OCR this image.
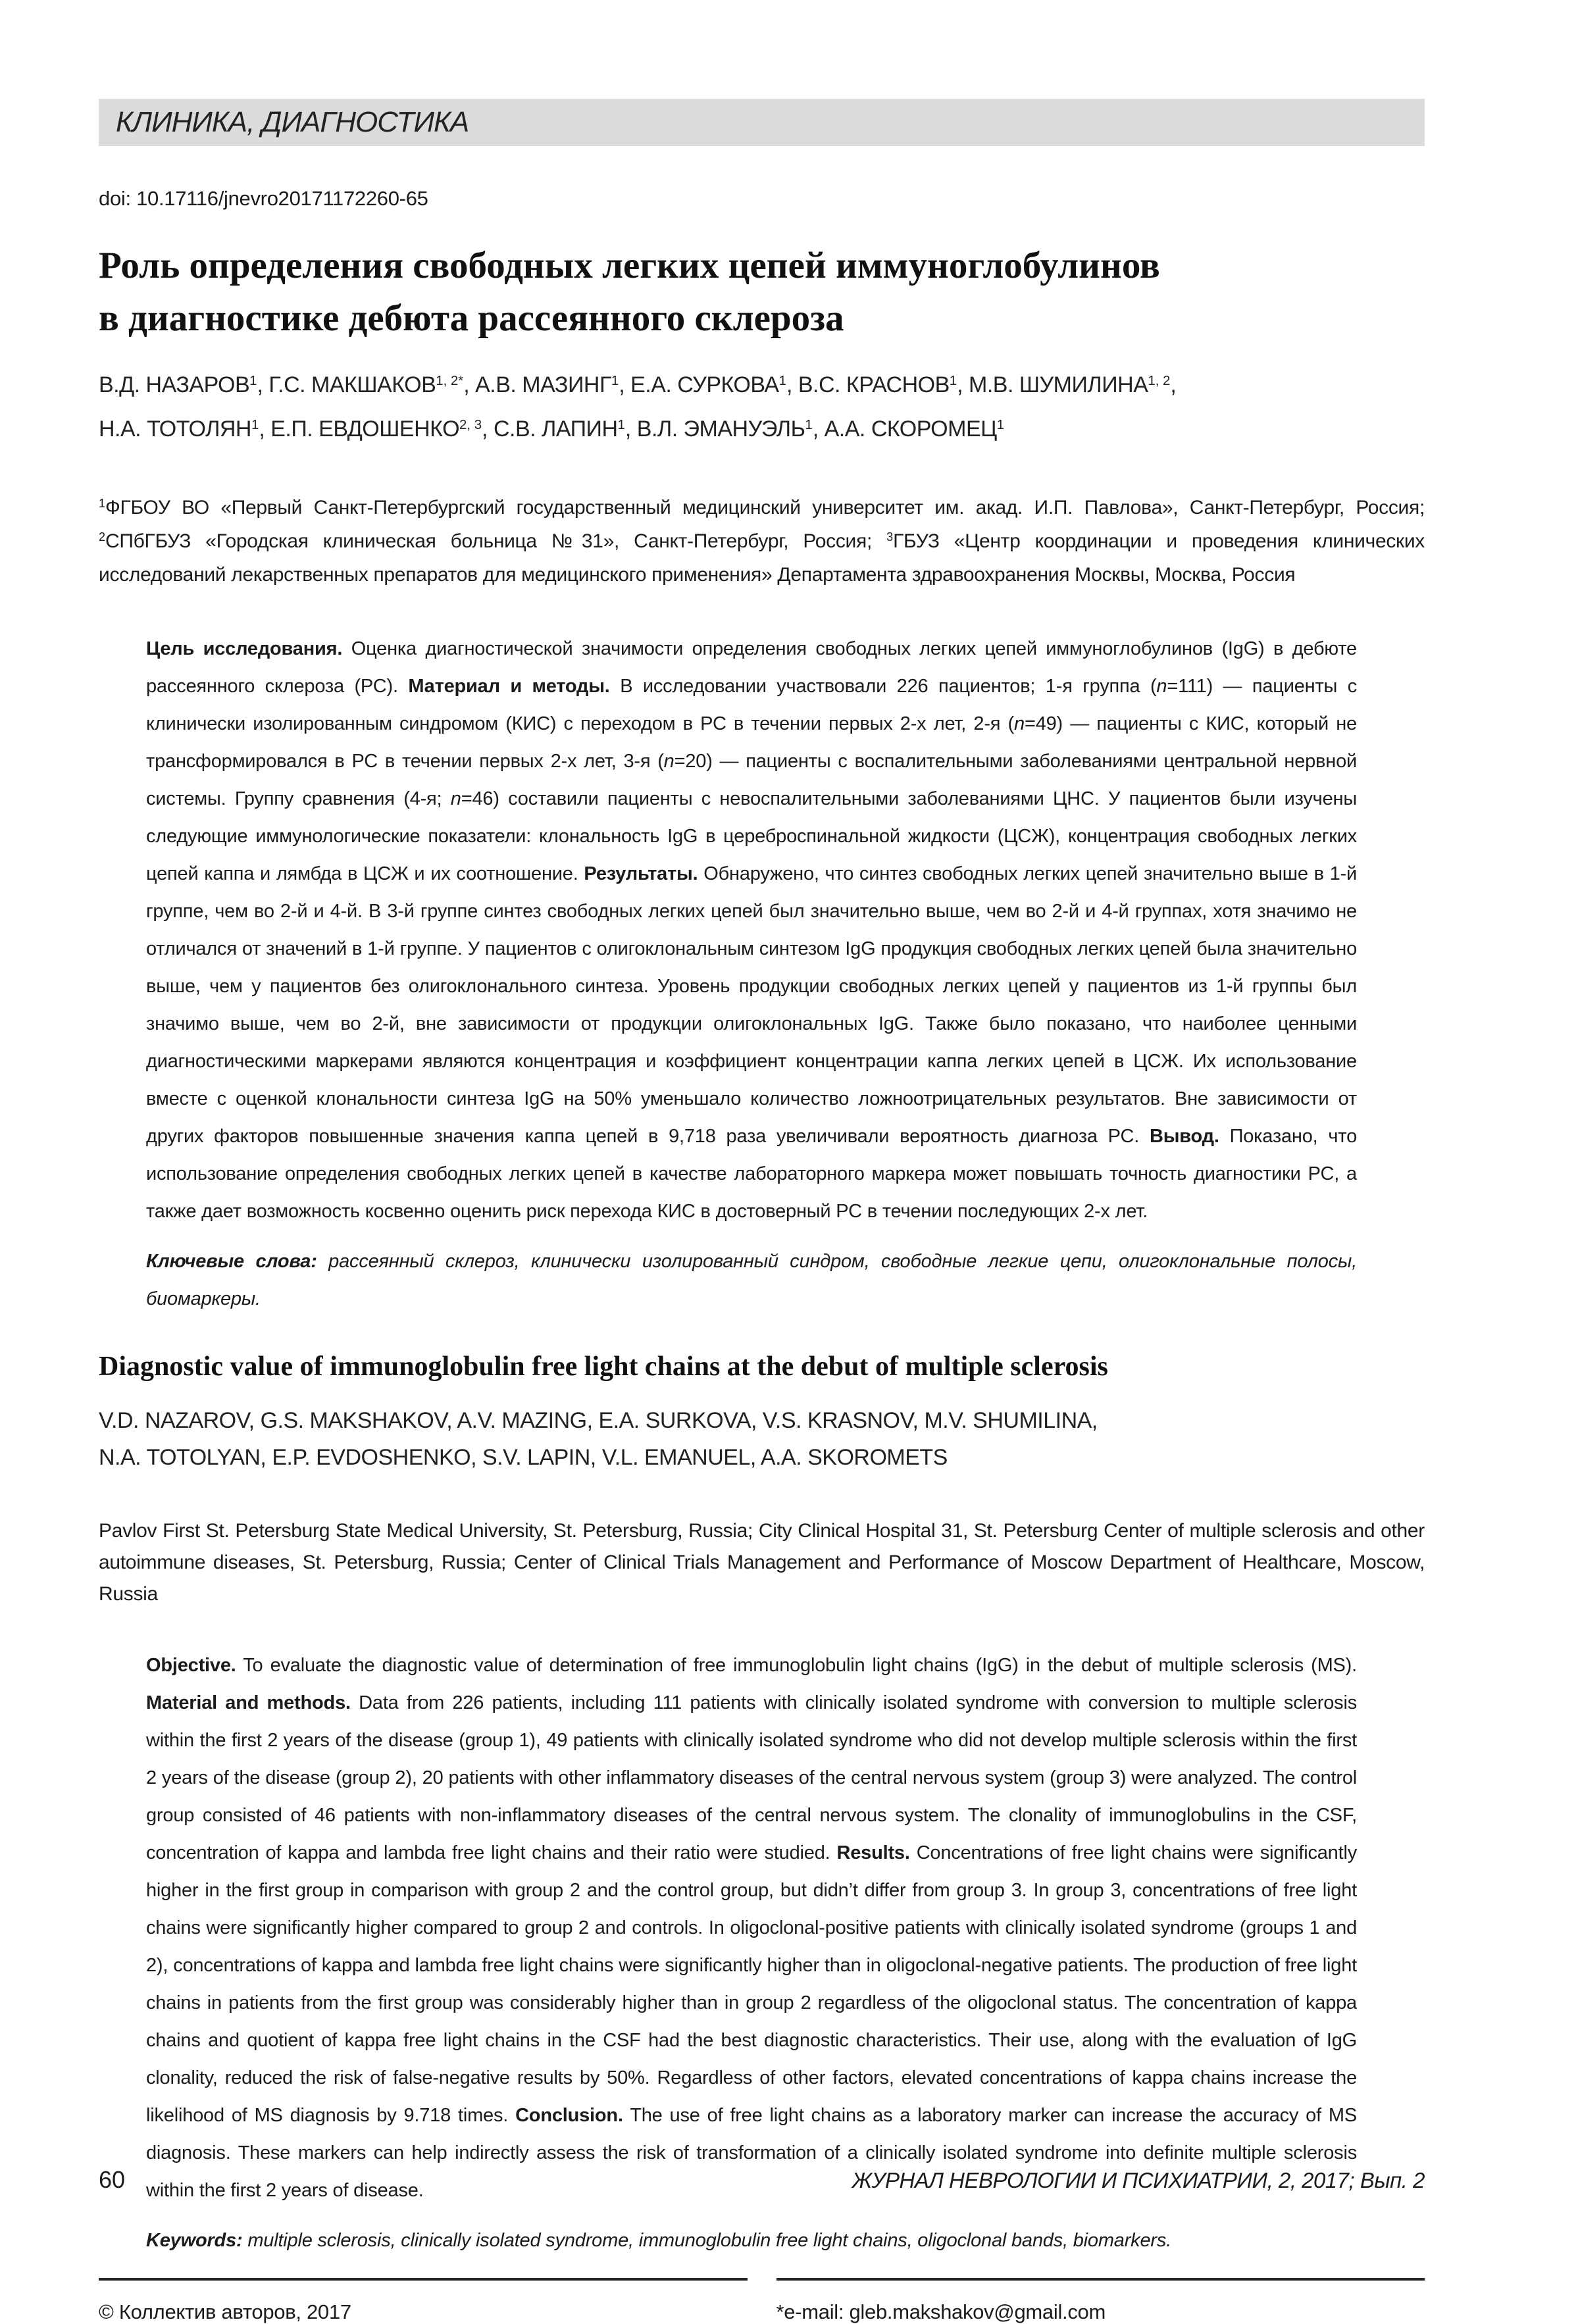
КЛИНИКА, ДИАГНОСТИКА
doi: 10.17116/jnevro20171172260-65
Роль определения свободных легких цепей иммуноглобулинов
в диагностике дебюта рассеянного склероза
В.Д. НАЗАРОВ$^1$, Г.С. $МАКШАКОВ^{1, 2*}$, А.В. МАЗИНГ$^1$, Е.А. СУРКОВА$^1$, В.С. КРАСНОВ$^1$, М.В. ШУМИЛИНА$^{1, 2}$,
Н.А. ТОТОЛЯН$^1$, Е.П. ЕВДОШЕНКО$^{2, 3}$, С.В. ЛАПИН$^1$, В.Л. ЭМАНУЭЛЬ$^1$, А.А. СКОРОМЕЦ$^1$

$^1$ФГБОУ ВО «Первый Санкт-Петербургский государственный медицинский университет им. акад. И.П. Павлова», Санкт-Петербург, Россия; $^2$СПбГБУЗ «Городская клиническая больница №31», Санкт-Петербург, Россия; $^3$ГБУЗ «Центр координации и проведения клинических исследований лекарственных препаратов для медицинского применения» Департамента здравоохранения Москвы, Москва, Россия

Цель исследования. Оценка диагностической значимости определения свободных легких цепей иммуноглобулинов (IgG) в дебюте рассеянного склероза (РС). Материал и методы. В исследовании участвовали 226 пациентов; 1-я группа (n=111) — пациенты с клинически изолированным синдромом (КИС) с переходом в РС в течении первых 2-х лет, 2-я (n=49) — пациенты с КИС, который не трансформировался в РС в течении первых 2-х лет, 3-я (n=20) — пациенты с воспалительными заболеваниями центральной нервной системы. Группу сравнения (4-я; n=46) составили пациенты с невоспалительными заболеваниями ЦНС. У пациентов были изучены следующие иммунологические показатели: клональность IgG в цереброспинальной жидкости (ЦСЖ), концентрация свободных легких цепей каппа и лямбда в ЦСЖ и их соотношение. Результаты. Обнаружено, что синтез свободных легких цепей значительно выше в 1-й группе, чем во 2-й и 4-й. В 3-й группе синтез свободных легких цепей был значительно выше, чем во 2-й и 4-й группах, хотя значимо не отличался от значений в 1-й группе. У пациентов с олигоклональным синтезом IgG продукция свободных легких цепей была значительно выше, чем у пациентов без олигоклонального синтеза. Уровень продукции свободных легких цепей у пациентов из 1-й группы был значимо выше, чем во 2-й, вне зависимости от продукции олигоклональных IgG. Также было показано, что наиболее ценными диагностическими маркерами являются концентрация и коэффициент концентрации каппа легких цепей в ЦСЖ. Их использование вместе с оценкой клональности синтеза IgG на 50% уменьшало количество ложноотрицательных результатов. Вне зависимости от других факторов повышенные значения каппа цепей в 9,718 раза увеличивали вероятность диагноза РС. Вывод. Показано, что использование определения свободных легких цепей в качестве лабораторного маркера может повышать точность диагностики РС, а также дает возможность косвенно оценить риск перехода КИС в достоверный РС в течении последующих 2-х лет.
Ключевые слова: рассеянный склероз, клинически изолированный синдром, свободные легкие цепи, олигоклональные полосы, биомаркеры.
Diagnostic value of immunoglobulin free light chains at the debut of multiple sclerosis
V.D. NAZAROV, G.S. MAKSHAKOV, A.V. MAZING, E.A. SURKOVA, V.S. KRASNOV, M.V. SHUMILINA,
N.A. TOTOLYAN, E.P. EVDOSHENKO, S.V. LAPIN, V.L. EMANUEL, A.A. SKOROMETS

Pavlov First St. Petersburg State Medical University, St. Petersburg, Russia; City Clinical Hospital 31, St. Petersburg Center of multiple sclerosis and other autoimmune diseases, St. Petersburg, Russia; Center of Clinical Trials Management and Performance of Moscow Department of Healthcare, Moscow, Russia

Objective. To evaluate the diagnostic value of determination of free immunoglobulin light chains (IgG) in the debut of multiple sclerosis (MS). Material and methods. Data from 226 patients, including 111 patients with clinically isolated syndrome with conversion to multiple sclerosis within the first 2 years of the disease (group 1), 49 patients with clinically isolated syndrome who did not develop multiple sclerosis within the first 2 years of the disease (group 2), 20 patients with other inflammatory diseases of the central nervous system (group 3) were analyzed. The control group consisted of 46 patients with non-inflammatory diseases of the central nervous system. The clonality of immunoglobulins in the CSF, concentration of kappa and lambda free light chains and their ratio were studied. Results. Concentrations of free light chains were significantly higher in the first group in comparison with group 2 and the control group, but didn’t differ from group 3. In group 3, concentrations of free light chains were significantly higher compared to group 2 and controls. In oligoclonal-positive patients with clinically isolated syndrome (groups 1 and 2), concentrations of kappa and lambda free light chains were significantly higher than in oligoclonal-negative patients. The production of free light chains in patients from the first group was considerably higher than in group 2 regardless of the oligoclonal status. The concentration of kappa chains and quotient of kappa free light chains in the CSF had the best diagnostic characteristics. Their use, along with the evaluation of IgG clonality, reduced the risk of false-negative results by 50%. Regardless of other factors, elevated concentrations of kappa chains increase the likelihood of MS diagnosis by 9.718 times. Conclusion. The use of free light chains as a laboratory marker can increase the accuracy of MS diagnosis. These markers can help indirectly assess the risk of transformation of a clinically isolated syndrome into definite multiple sclerosis within the first 2 years of disease.
Keywords: multiple sclerosis, clinically isolated syndrome, immunoglobulin free light chains, oligoclonal bands, biomarkers.
© Коллектив авторов, 2017	*e-mail: gleb.makshakov@gmail.com
60	ЖУРНАЛ НЕВРОЛОГИИ И ПСИХИАТРИИ, 2, 2017; Вып. 2
